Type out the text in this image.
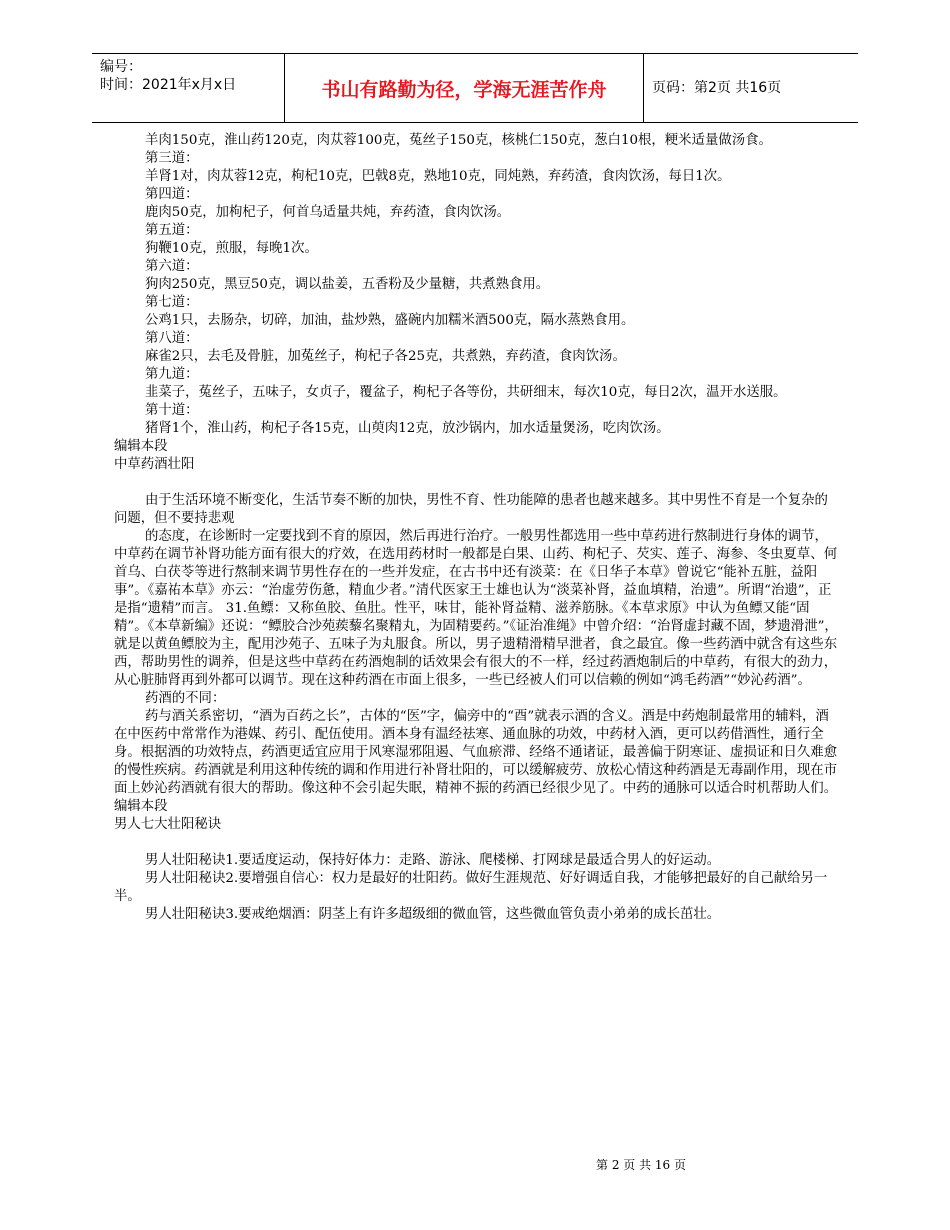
编号：
时间：2021年x月x日	书山有路勤为径，学海无涯苦作舟	页码：第2页 共16页

羊肉150克，淮山药120克，肉苁蓉100克，菟丝子150克，核桃仁150克，葱白10根，粳米适量做汤食。

第三道：

羊肾1对，肉苁蓉12克，枸杞10克，巴戟8克，熟地10克，同炖熟，弃药渣，食肉饮汤，每日1次。

第四道：

鹿肉50克，加枸杞子，何首乌适量共炖，弃药渣，食肉饮汤。

第五道：

狗鞭10克，煎服，每晚1次。

第六道：

狗肉250克，黑豆50克，调以盐姜，五香粉及少量糖，共煮熟食用。

第七道：

公鸡1只，去肠杂，切碎，加油，盐炒熟，盛碗内加糯米酒500克，隔水蒸熟食用。

第八道：

麻雀2只，去毛及骨脏，加菟丝子，枸杞子各25克，共煮熟，弃药渣，食肉饮汤。

第九道：

韭菜子，菟丝子，五味子，女贞子，覆盆子，枸杞子各等份，共研细末，每次10克，每日2次，温开水送服。

第十道：

猪肾1个，淮山药，枸杞子各15克，山萸肉12克，放沙锅内，加水适量煲汤，吃肉饮汤。

编辑本段

中草药酒壮阳

由于生活环境不断变化，生活节奏不断的加快，男性不育、性功能障的患者也越来越多。其中男性不育是一个复杂的问题，但不要持悲观

的态度，在诊断时一定要找到不育的原因，然后再进行治疗。一般男性都选用一些中草药进行熬制进行身体的调节，中草药在调节补肾功能方面有很大的疗效，在选用药材时一般都是白果、山药、枸杞子、芡实、莲子、海参、冬虫夏草、何首乌、白茯苓等进行熬制来调节男性存在的一些并发症，在古书中还有淡菜：在《日华子本草》曾说它“能补五脏，益阳事”。《嘉祐本草》亦云：“治虚劳伤惫，精血少者。”清代医家王士雄也认为“淡菜补肾，益血填精，治遗”。所谓“治遗”，正是指“遗精”而言。 31.鱼鳔：又称鱼胶、鱼肚。性平，味甘，能补肾益精、滋养筋脉。《本草求原》中认为鱼鳔又能“固精”。《本草新编》还说：“鳔胶合沙苑蒺藜名聚精丸，为固精要药。”《证治准绳》中曾介绍：“治肾虚封藏不固，梦遗滑泄”，就是以黄鱼鳔胶为主，配用沙苑子、五味子为丸服食。所以，男子遗精滑精早泄者，食之最宜。像一些药酒中就含有这些东西，帮助男性的调养，但是这些中草药在药酒炮制的话效果会有很大的不一样，经过药酒炮制后的中草药，有很大的劲力，从心脏肺肾再到外都可以调节。现在这种药酒在市面上很多，一些已经被人们可以信赖的例如“鸿毛药酒”“妙沁药酒”。

药酒的不同：

药与酒关系密切，“酒为百药之长”，古体的“医”字，偏旁中的“酉”就表示酒的含义。酒是中药炮制最常用的辅料，酒在中医药中常常作为港媒、药引、配伍使用。酒本身有温经祛寒、通血脉的功效，中药材入酒，更可以药借酒性，通行全身。根据酒的功效特点，药酒更适宜应用于风寒湿邪阻遏、气血瘀滞、经络不通诸证，最善偏于阴寒证、虚损证和日久难愈的慢性疾病。药酒就是利用这种传统的调和作用进行补肾壮阳的，可以缓解疲劳、放松心情这种药酒是无毒副作用，现在市面上妙沁药酒就有很大的帮助。像这种不会引起失眠，精神不振的药酒已经很少见了。中药的通脉可以适合时机帮助人们。

编辑本段

男人七大壮阳秘诀

男人壮阳秘诀1.要适度运动，保持好体力：走路、游泳、爬楼梯、打网球是最适合男人的好运动。

男人壮阳秘诀2.要增强自信心：权力是最好的壮阳药。做好生涯规范、好好调适自我，才能够把最好的自己献给另一半。

男人壮阳秘诀3.要戒绝烟酒：阴茎上有许多超级细的微血管，这些微血管负责小弟弟的成长茁壮。

第 2 页 共 16 页
